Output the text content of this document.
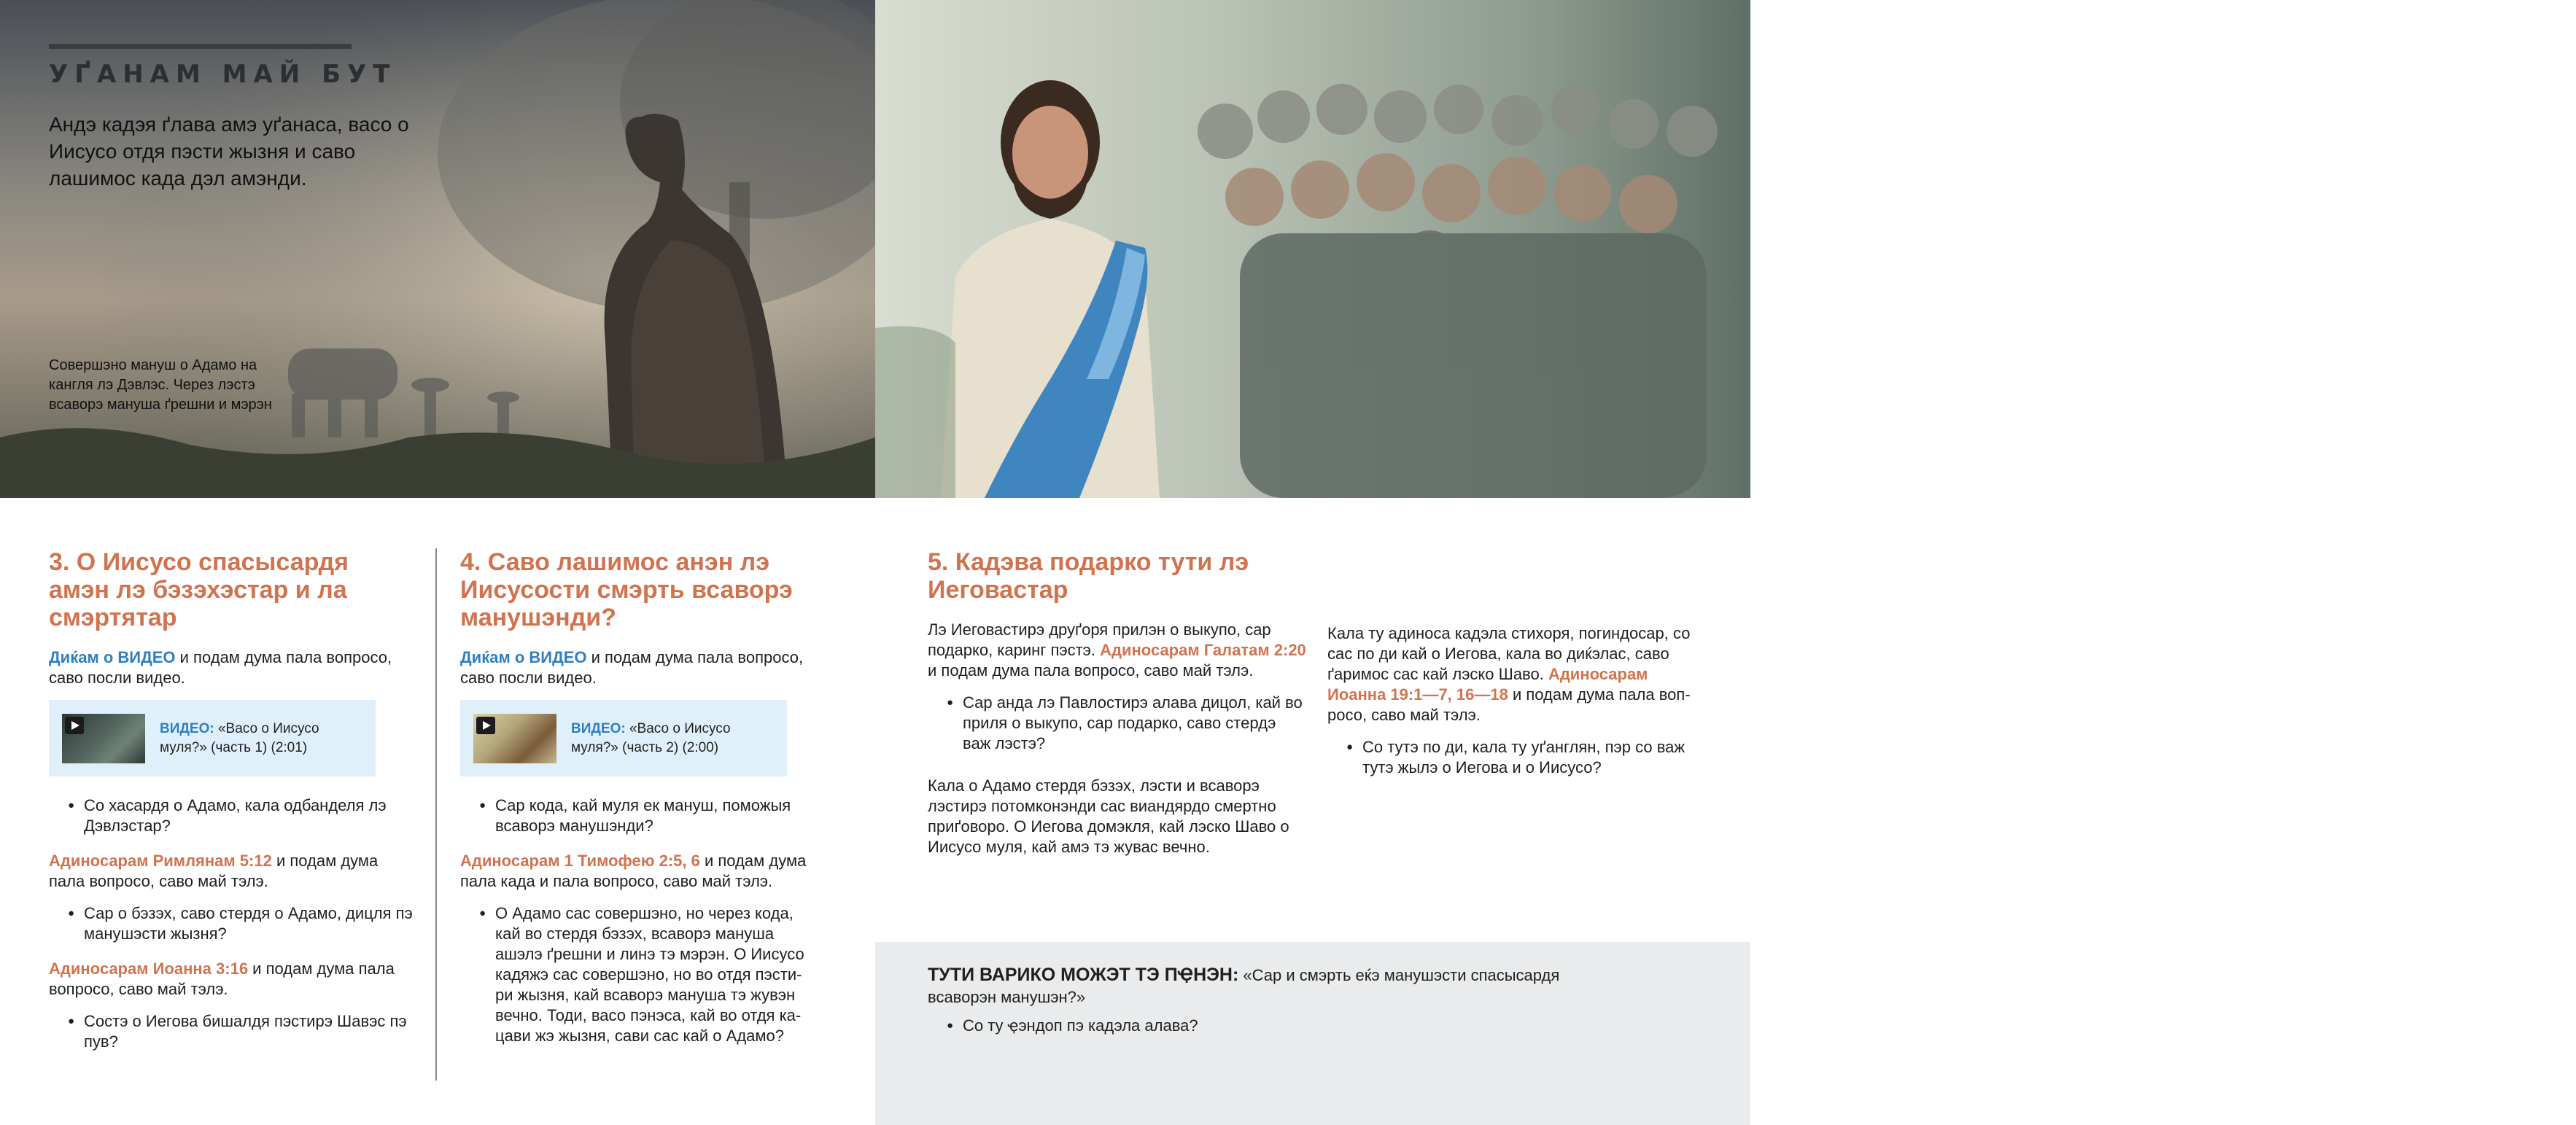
УҐАНАМ МАЙ БУТ
Андэ кадэя ґлава амэ уґанаса, васо о Иисусо отдя пэсти жызня и саво лашимос када дэл амэнди.
Совершэно мануш о Адамо на кангля лэ Дэвлэс. Через лэстэ всаворэ мануша ґрешни и мэрэн
Совершэно мануш о Иисусо андэ вся кандэлас лэ Дэвлэс. Через лэстэ и мануша моґут тэ ашэн совершэни и тэ жывэн вечно
3. О Иисусо спасысардя амэн лэ бэзэхэстар и ла смэртятар

Диќам о ВИДЕО и подам дума пала вопросо, саво посли видео.

ВИДЕО: «Васо о Иисусо муля?» (часть 1) (2:01)
● Со хасардя о Адамо, кала одбанделя лэ Дэвлэстар?

Адиносарам Римлянам 5:12 и подам дума пала вопросо, саво май тэлэ.

● Сар о бэзэх, саво стердя о Адамо, дицля пэ манушэсти жызня?

Адиносарам Иоанна 3:16 и подам дума пала вопросо, саво май тэлэ.

● Состэ о Иегова бишалдя пэстирэ Шавэс пэ пув?
4. Саво лашимос анэн лэ Иисусости смэрть всаворэ манушэнди?

Диќам о ВИДЕО и подам дума пала вопросо, саво посли видео.

ВИДЕО: «Васо о Иисусо муля?» (часть 2) (2:00)
● Сар кода, кай муля ек мануш, поможыя всаворэ манушэнди?

Адиносарам 1 Тимофею 2:5, 6 и подам дума пала када и пала вопросо, саво май тэлэ.

● О Адамо сас совершэно, но через кода, кай во стердя бэзэх, всаворэ мануша ашэлэ ґрешни и линэ тэ мэрэн. О Иисусо кадяжэ сас совершэно, но во отдя пэсти-ри жызня, кай всаворэ мануша тэ жувэн вечно. Тоди, васо пэнэса, кай во отдя ка-цави жэ жызня, сави сас кай о Адамо?
5. Кадэва подарко тути лэ Иеговастар

Лэ Иеговастирэ друґоря прилэн о выкупо, сар подарко, каринг пэстэ. Адиносарам Галатам 2:20 и подам дума пала вопросо, саво май тэлэ.

● Сар анда лэ Павлостирэ алава дицол, кай во приля о выкупо, сар подарко, саво стердэ важ лэстэ?

Кала о Адамо стердя бэзэх, лэсти и всаворэ лэстирэ потомконэнди сас виандярдо смертно приґоворо. О Иегова домэкля, кай лэско Шаво о Иисусо муля, кай амэ тэ жувас вечно.

Кала ту адиноса кадэла стихоря, погиндосар, со сас по ди кай о Иегова, кала во диќэлас, саво ґаримос сас кай лэско Шаво. Адиносарам Иоанна 19:1—7, 16—18 и подам дума пала воп-росо, саво май тэлэ.

● Со тутэ по ди, кала ту уґанглян, пэр со важ тутэ жылэ о Иегова и о Иисусо?

ТУТИ ВАРИКО МОЖЭТ ТЭ ПҾНЭН: «Сар и смэрть еќэ манушэсти спасысардя всаворэн манушэн?»

● Со ту ҿэндоп пэ кадэла алава?
